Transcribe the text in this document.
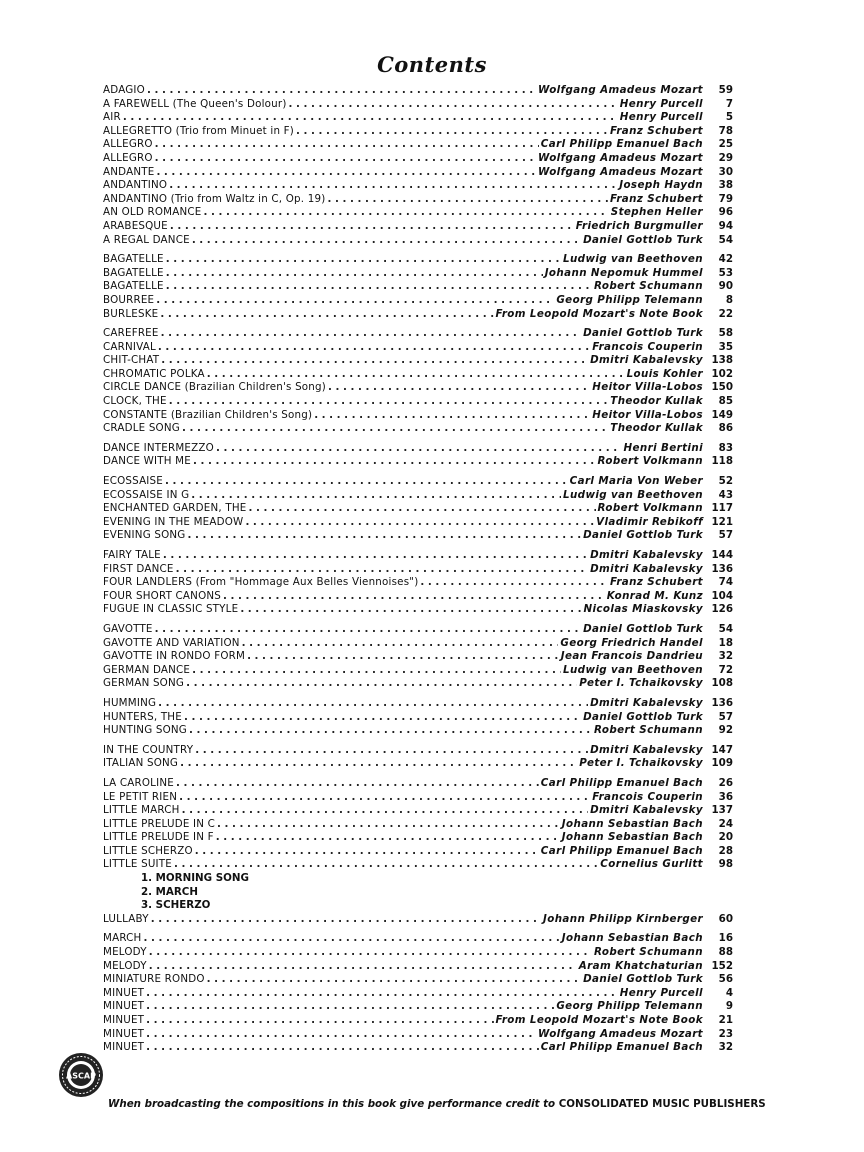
Contents
ADAGIO . . .	Wolfgang Amadeus Mozart	59
A FAREWELL (The Queen's Dolour) . . .	Henry Purcell	7
AIR . . .	Henry Purcell	5
ALLEGRETTO (Trio from Minuet in F) . . .	Franz Schubert	78
ALLEGRO . . .	Carl Philipp Emanuel Bach	25
ALLEGRO . . .	Wolfgang Amadeus Mozart	29
ANDANTE . . .	Wolfgang Amadeus Mozart	30
ANDANTINO . . .	Joseph Haydn	38
ANDANTINO (Trio from Waltz in C, Op. 19) . . .	Franz Schubert	79
AN OLD ROMANCE . . .	Stephen Heller	96
ARABESQUE . . .	Friedrich Burgmuller	94
A REGAL DANCE . . .	Daniel Gottlob Turk	54
BAGATELLE . . .	Ludwig van Beethoven	42
BAGATELLE . . .	Johann Nepomuk Hummel	53
BAGATELLE . . .	Robert Schumann	90
BOURREE . . .	Georg Philipp Telemann	8
BURLESKE . . .	From Leopold Mozart's Note Book	22
CAREFREE . . .	Daniel Gottlob Turk	58
CARNIVAL . . .	Francois Couperin	35
CHIT-CHAT . . .	Dmitri Kabalevsky 138
CHROMATIC POLKA . . .	Louis Kohler 102
CIRCLE DANCE (Brazilian Children's Song) . . .	Heitor Villa-Lobos 150
CLOCK, THE . . .	Theodor Kullak	85
CONSTANTE (Brazilian Children's Song) . . .	Heitor Villa-Lobos 149
CRADLE SONG . . .	Theodor Kullak	86
DANCE INTERMEZZO . . .	Henri Bertini	83
DANCE WITH ME . . .	Robert Volkmann 118
ECOSSAISE . . .	Carl Maria Von Weber	52
ECOSSAISE IN G . . .	Ludwig van Beethoven	43
ENCHANTED GARDEN, THE . . .	Robert Volkmann 117
EVENING IN THE MEADOW . . .	Vladimir Rebikoff 121
EVENING SONG . . .	Daniel Gottlob Turk	57
FAIRY TALE . . .	Dmitri Kabalevsky 144
FIRST DANCE . . .	Dmitri Kabalevsky 136
FOUR LANDLERS (From "Hommage Aux Belles Viennoises") . . .	Franz Schubert	74
FOUR SHORT CANONS . . .	Konrad M. Kunz 104
FUGUE IN CLASSIC STYLE . . .	Nicolas Miaskovsky 126
GAVOTTE . . .	Daniel Gottlob Turk	54
GAVOTTE AND VARIATION . . .	Georg Friedrich Handel	18
GAVOTTE IN RONDO FORM . . .	Jean Francois Dandrieu	32
GERMAN DANCE . . .	Ludwig van Beethoven	72
GERMAN SONG . . .	Peter I. Tchaikovsky 108
HUMMING . . .	Dmitri Kabalevsky 136
HUNTERS, THE . . .	Daniel Gottlob Turk	57
HUNTING SONG . . .	Robert Schumann	92
IN THE COUNTRY . . .	Dmitri Kabalevsky 147
ITALIAN SONG . . .	Peter I. Tchaikovsky 109
LA CAROLINE . . .	Carl Philipp Emanuel Bach	26
LE PETIT RIEN . . .	Francois Couperin	36
LITTLE MARCH . . .	Dmitri Kabalevsky 137
LITTLE PRELUDE IN C . . .	Johann Sebastian Bach	24
LITTLE PRELUDE IN F . . .	Johann Sebastian Bach	20
LITTLE SCHERZO . . .	Carl Philipp Emanuel Bach	28
LITTLE SUITE . . .	Cornelius Gurlitt	98
1. MORNING SONG
2. MARCH
3. SCHERZO
LULLABY . . .	Johann Philipp Kirnberger	60
MARCH . . .	Johann Sebastian Bach	16
MELODY . . .	Robert Schumann	88
MELODY . . .	Aram Khatchaturian 152
MINIATURE RONDO . . .	Daniel Gottlob Turk	56
MINUET . . .	Henry Purcell	4
MINUET . . .	Georg Philipp Telemann	9
MINUET . . .	From Leopold Mozart's Note Book	21
MINUET . . .	Wolfgang Amadeus Mozart	23
MINUET . . .	Carl Philipp Emanuel Bach	32
ASCAP
When broadcasting the compositions in this book give performance credit to CONSOLIDATED MUSIC PUBLISHERS
